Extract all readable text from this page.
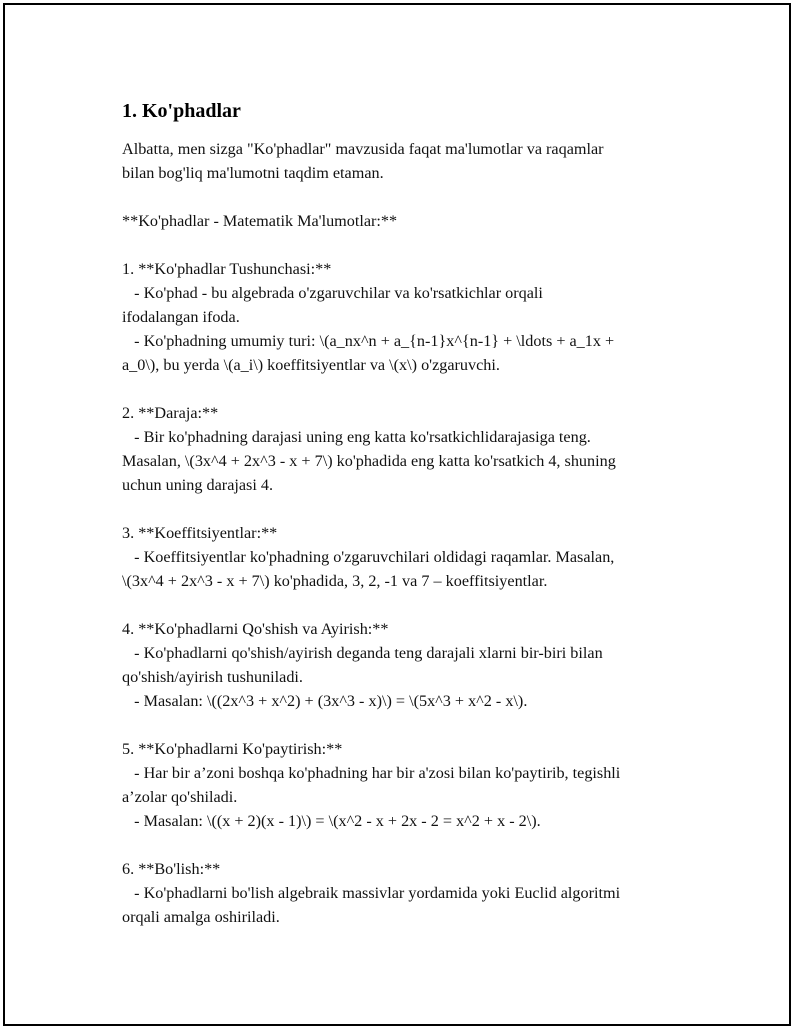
1. Ko'phadlar
Albatta, men sizga "Ko'phadlar" mavzusida faqat ma'lumotlar va raqamlar
bilan bog'liq ma'lumotni taqdim etaman.
**Ko'phadlar - Matematik Ma'lumotlar:**
1. **Ko'phadlar Tushunchasi:**
- Ko'phad - bu algebrada o'zgaruvchilar va ko'rsatkichlar orqali
ifodalangan ifoda.
- Ko'phadning umumiy turi: \(a_nx^n + a_{n-1}x^{n-1} + \ldots + a_1x +
a_0\), bu yerda \(a_i\) koeffitsiyentlar va \(x\) o'zgaruvchi.
2. **Daraja:**
- Bir ko'phadning darajasi uning eng katta ko'rsatkichlidarajasiga teng.
Masalan, \(3x^4 + 2x^3 - x + 7\) ko'phadida eng katta ko'rsatkich 4, shuning
uchun uning darajasi 4.
3. **Koeffitsiyentlar:**
- Koeffitsiyentlar ko'phadning o'zgaruvchilari oldidagi raqamlar. Masalan,
\(3x^4 + 2x^3 - x + 7\) ko'phadida, 3, 2, -1 va 7 – koeffitsiyentlar.
4. **Ko'phadlarni Qo'shish va Ayirish:**
- Ko'phadlarni qo'shish/ayirish deganda teng darajali xlarni bir-biri bilan
qo'shish/ayirish tushuniladi.
- Masalan: \((2x^3 + x^2) + (3x^3 - x)\) = \(5x^3 + x^2 - x\).
5. **Ko'phadlarni Ko'paytirish:**
- Har bir a’zoni boshqa ko'phadning har bir a'zosi bilan ko'paytirib, tegishli
a’zolar qo'shiladi.
- Masalan: \((x + 2)(x - 1)\) = \(x^2 - x + 2x - 2 = x^2 + x - 2\).
6. **Bo'lish:**
- Ko'phadlarni bo'lish algebraik massivlar yordamida yoki Euclid algoritmi
orqali amalga oshiriladi.
